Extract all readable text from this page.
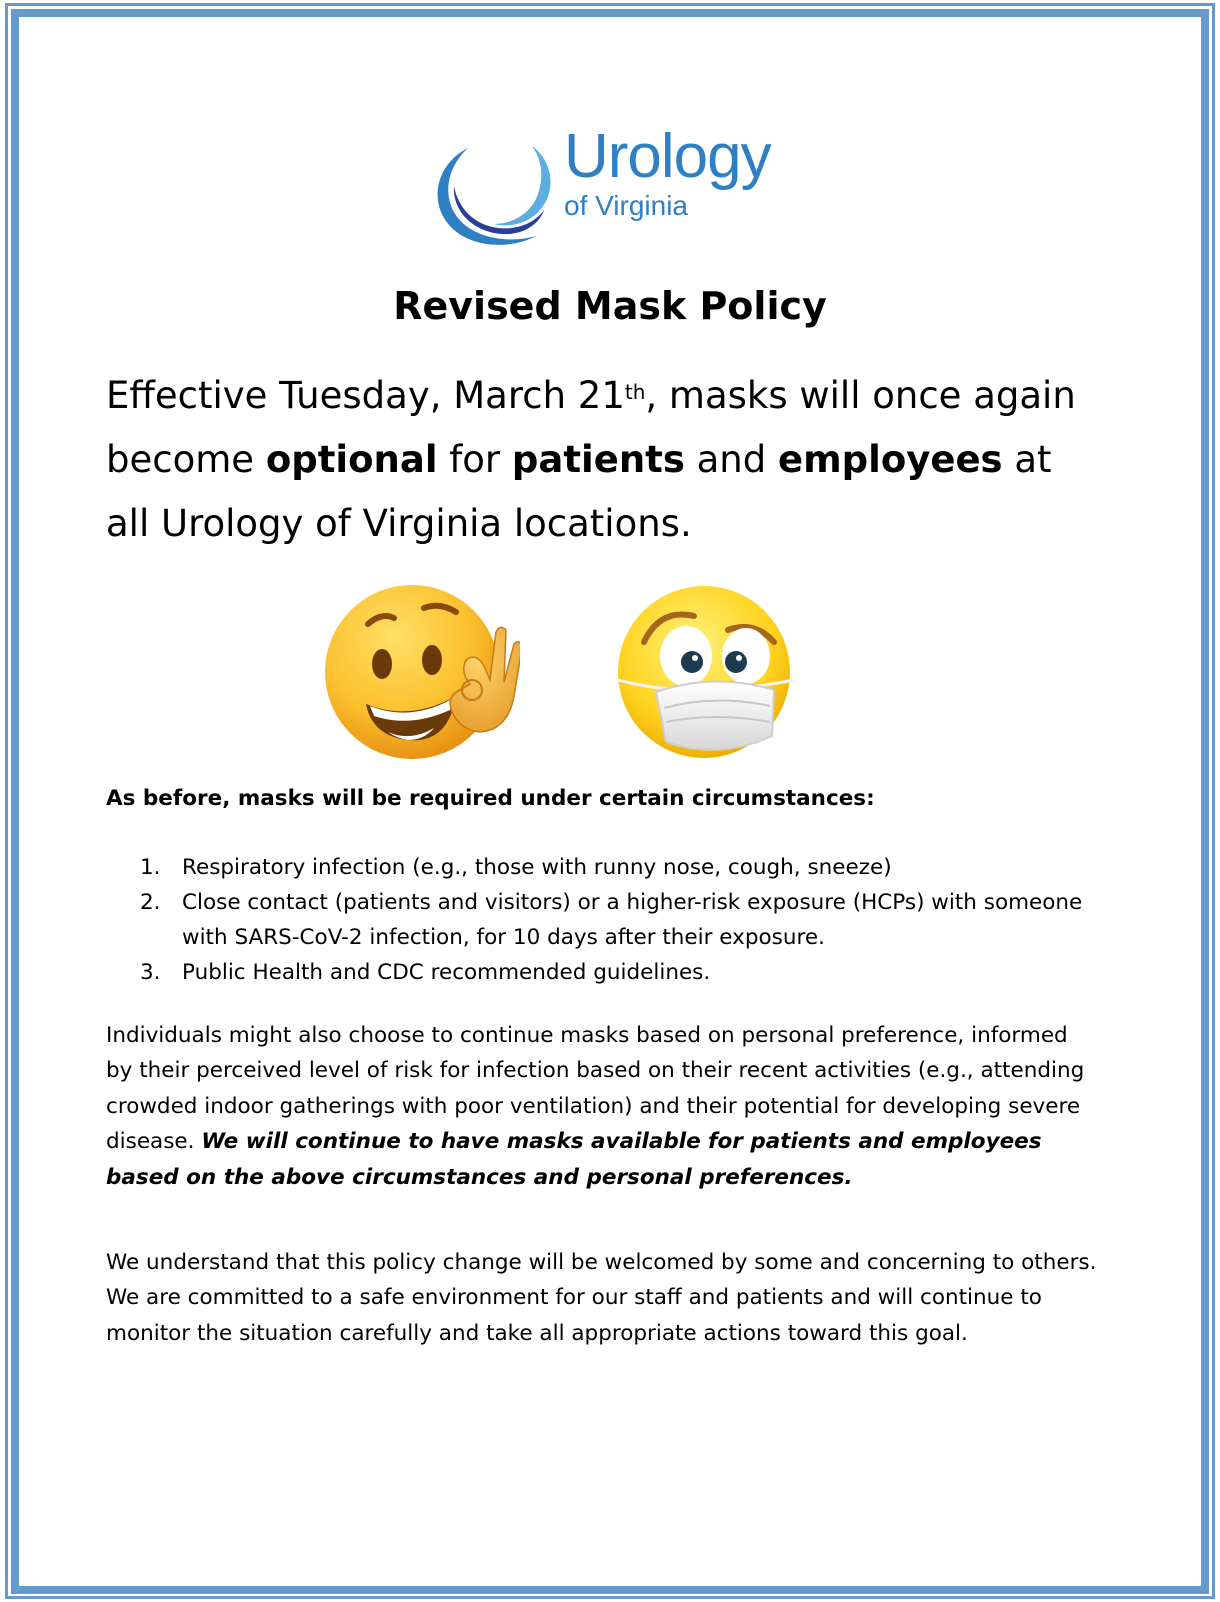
Urology
of Virginia
Revised Mask Policy
Effective Tuesday, March 21th, masks will once again become optional for patients and employees at all Urology of Virginia locations.
As before, masks will be required under certain circumstances:
1. Respiratory infection (e.g., those with runny nose, cough, sneeze)
2. Close contact (patients and visitors) or a higher-risk exposure (HCPs) with someone with SARS-CoV-2 infection, for 10 days after their exposure.
3. Public Health and CDC recommended guidelines.

Individuals might also choose to continue masks based on personal preference, informed by their perceived level of risk for infection based on their recent activities (e.g., attending crowded indoor gatherings with poor ventilation) and their potential for developing severe disease. We will continue to have masks available for patients and employees based on the above circumstances and personal preferences.

We understand that this policy change will be welcomed by some and concerning to others. We are committed to a safe environment for our staff and patients and will continue to monitor the situation carefully and take all appropriate actions toward this goal.
